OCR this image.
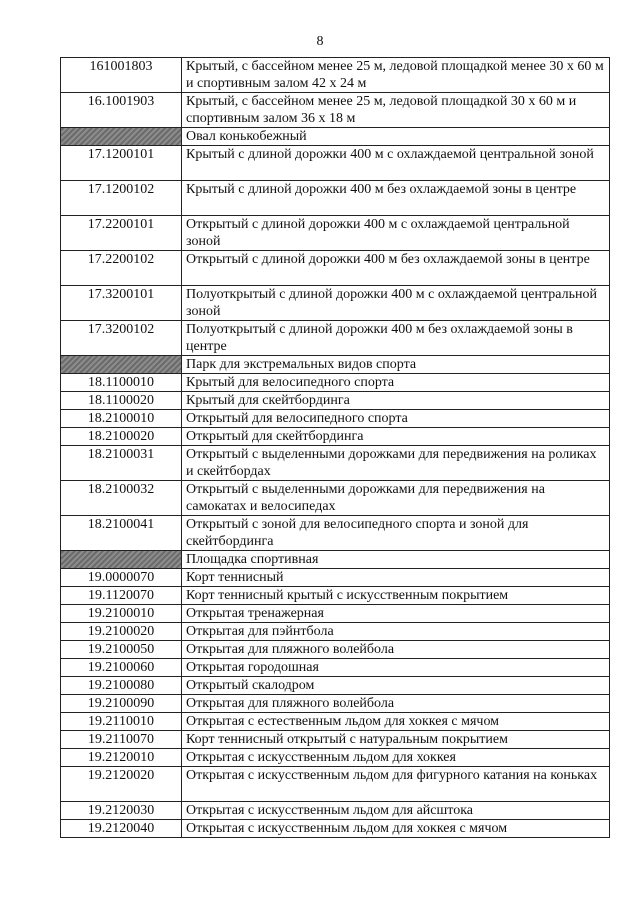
8
161001803	Крытый, с бассейном менее 25 м, ледовой площадкой менее 30 х 60 м и спортивным залом 42 х 24 м
16.1001903	Крытый, с бассейном менее 25 м, ледовой площадкой 30 х 60 м и спортивным залом 36 х 18 м
	Овал конькобежный
17.1200101	Крытый с длиной дорожки 400 м с охлаждаемой центральной зоной
17.1200102	Крытый с длиной дорожки 400 м без охлаждаемой зоны в центре
17.2200101	Открытый с длиной дорожки 400 м с охлаждаемой центральной зоной
17.2200102	Открытый с длиной дорожки 400 м без охлаждаемой зоны в центре
17.3200101	Полуоткрытый с длиной дорожки 400 м с охлаждаемой центральной зоной
17.3200102	Полуоткрытый с длиной дорожки 400 м без охлаждаемой зоны в центре
	Парк для экстремальных видов спорта
18.1100010	Крытый для велосипедного спорта
18.1100020	Крытый для скейтбординга
18.2100010	Открытый для велосипедного спорта
18.2100020	Открытый для скейтбординга
18.2100031	Открытый с выделенными дорожками для передвижения на роликах и скейтбордах
18.2100032	Открытый с выделенными дорожками для передвижения на самокатах и велосипедах
18.2100041	Открытый с зоной для велосипедного спорта и зоной для скейтбординга
	Площадка спортивная
19.0000070	Корт теннисный
19.1120070	Корт теннисный крытый с искусственным покрытием
19.2100010	Открытая тренажерная
19.2100020	Открытая для пэйнтбола
19.2100050	Открытая для пляжного волейбола
19.2100060	Открытая городошная
19.2100080	Открытый скалодром
19.2100090	Открытая для пляжного волейбола
19.2110010	Открытая с естественным льдом для хоккея с мячом
19.2110070	Корт теннисный открытый с натуральным покрытием
19.2120010	Открытая с искусственным льдом для хоккея
19.2120020	Открытая с искусственным льдом для фигурного катания на коньках
19.2120030	Открытая с искусственным льдом для айсштока
19.2120040	Открытая с искусственным льдом для хоккея с мячом
